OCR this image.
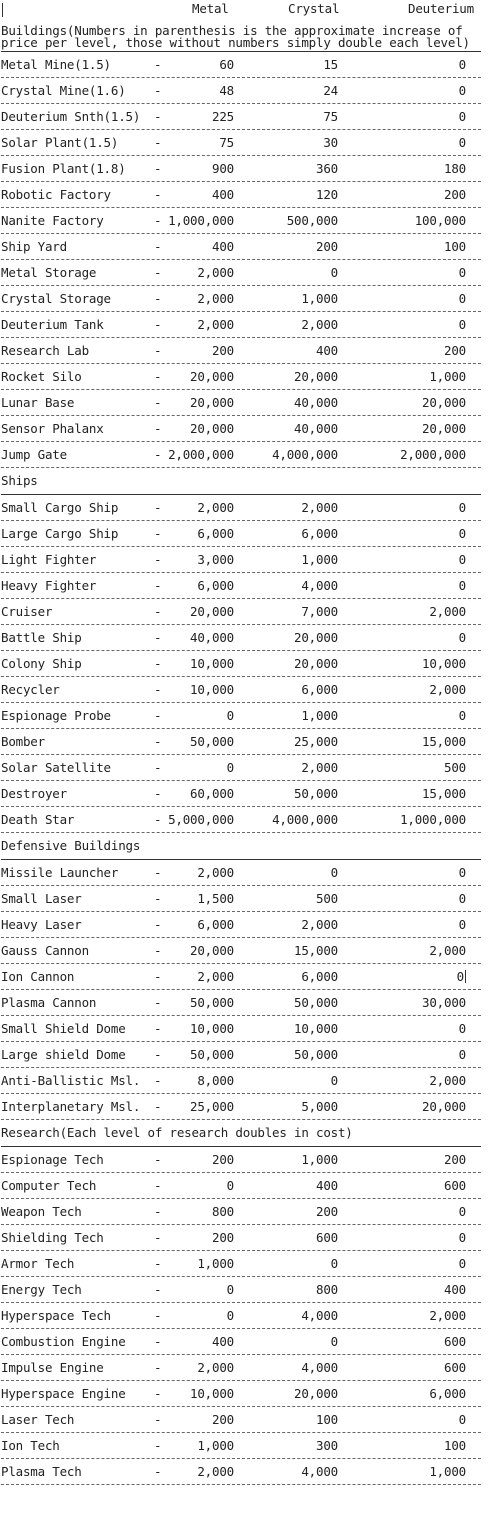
Metal	Crystal	Deuterium
Buildings(Numbers in parenthesis is the approximate increase of price per level, those without numbers simply double each level)
Metal Mine(1.5)	-	60	15	0
Crystal Mine(1.6) -	48	24	0
Deuterium Snth(1.5) -	225	75	0
Solar Plant(1.5)	-	75	30	0
Fusion Plant(1.8) -	900	360	180
Robotic Factory	-	400	120	200
Nanite Factory	- 1,000,000	500,000	100,000
Ship Yard	-	400	200	100
Metal Storage	-	2,000	0	0
Crystal Storage	-	2,000	1,000	0
Deuterium Tank	-	2,000	2,000	0
Research Lab	-	200	400	200
Rocket Silo	- 20,000	20,000	1,000
Lunar Base	- 20,000	40,000	20,000
Sensor Phalanx	- 20,000	40,000	20,000
Jump Gate	- 2,000,000	4,000,000	2,000,000
Ships
Small Cargo Ship	-	2,000	2,000	0
Large Cargo Ship	-	6,000	6,000	0
Light Fighter	-	3,000	1,000	0
Heavy Fighter	-	6,000	4,000	0
Cruiser	- 20,000	7,000	2,000
Battle Ship	- 40,000	20,000	0
Colony Ship	- 10,000	20,000	10,000
Recycler	- 10,000	6,000	2,000
Espionage Probe	-	0	1,000	0
Bomber	- 50,000	25,000	15,000
Solar Satellite	-	0	2,000	500
Destroyer	- 60,000	50,000	15,000
Death Star	- 5,000,000	4,000,000	1,000,000
Defensive Buildings
Missile Launcher	-	2,000	0	0
Small Laser	-	1,500	500	0
Heavy Laser	-	6,000	2,000	0
Gauss Cannon	- 20,000	15,000	2,000
Ion Cannon	-	2,000	6,000	0
Plasma Cannon	- 50,000	50,000	30,000
Small Shield Dome - 10,000	10,000	0
Large shield Dome - 50,000	50,000	0
Anti-Ballistic Msl. -	8,000	0	2,000
Interplanetary Msl. - 25,000	5,000	20,000
Research(Each level of research doubles in cost)
Espionage Tech	-	200	1,000	200
Computer Tech	-	0	400	600
Weapon Tech	-	800	200	0
Shielding Tech	-	200	600	0
Armor Tech	-	1,000	0	0
Energy Tech	-	0	800	400
Hyperspace Tech	-	0	4,000	2,000
Combustion Engine -	400	0	600
Impulse Engine	-	2,000	4,000	600
Hyperspace Engine - 10,000	20,000	6,000
Laser Tech	-	200	100	0
Ion Tech	-	1,000	300	100
Plasma Tech	-	2,000	4,000	1,000
